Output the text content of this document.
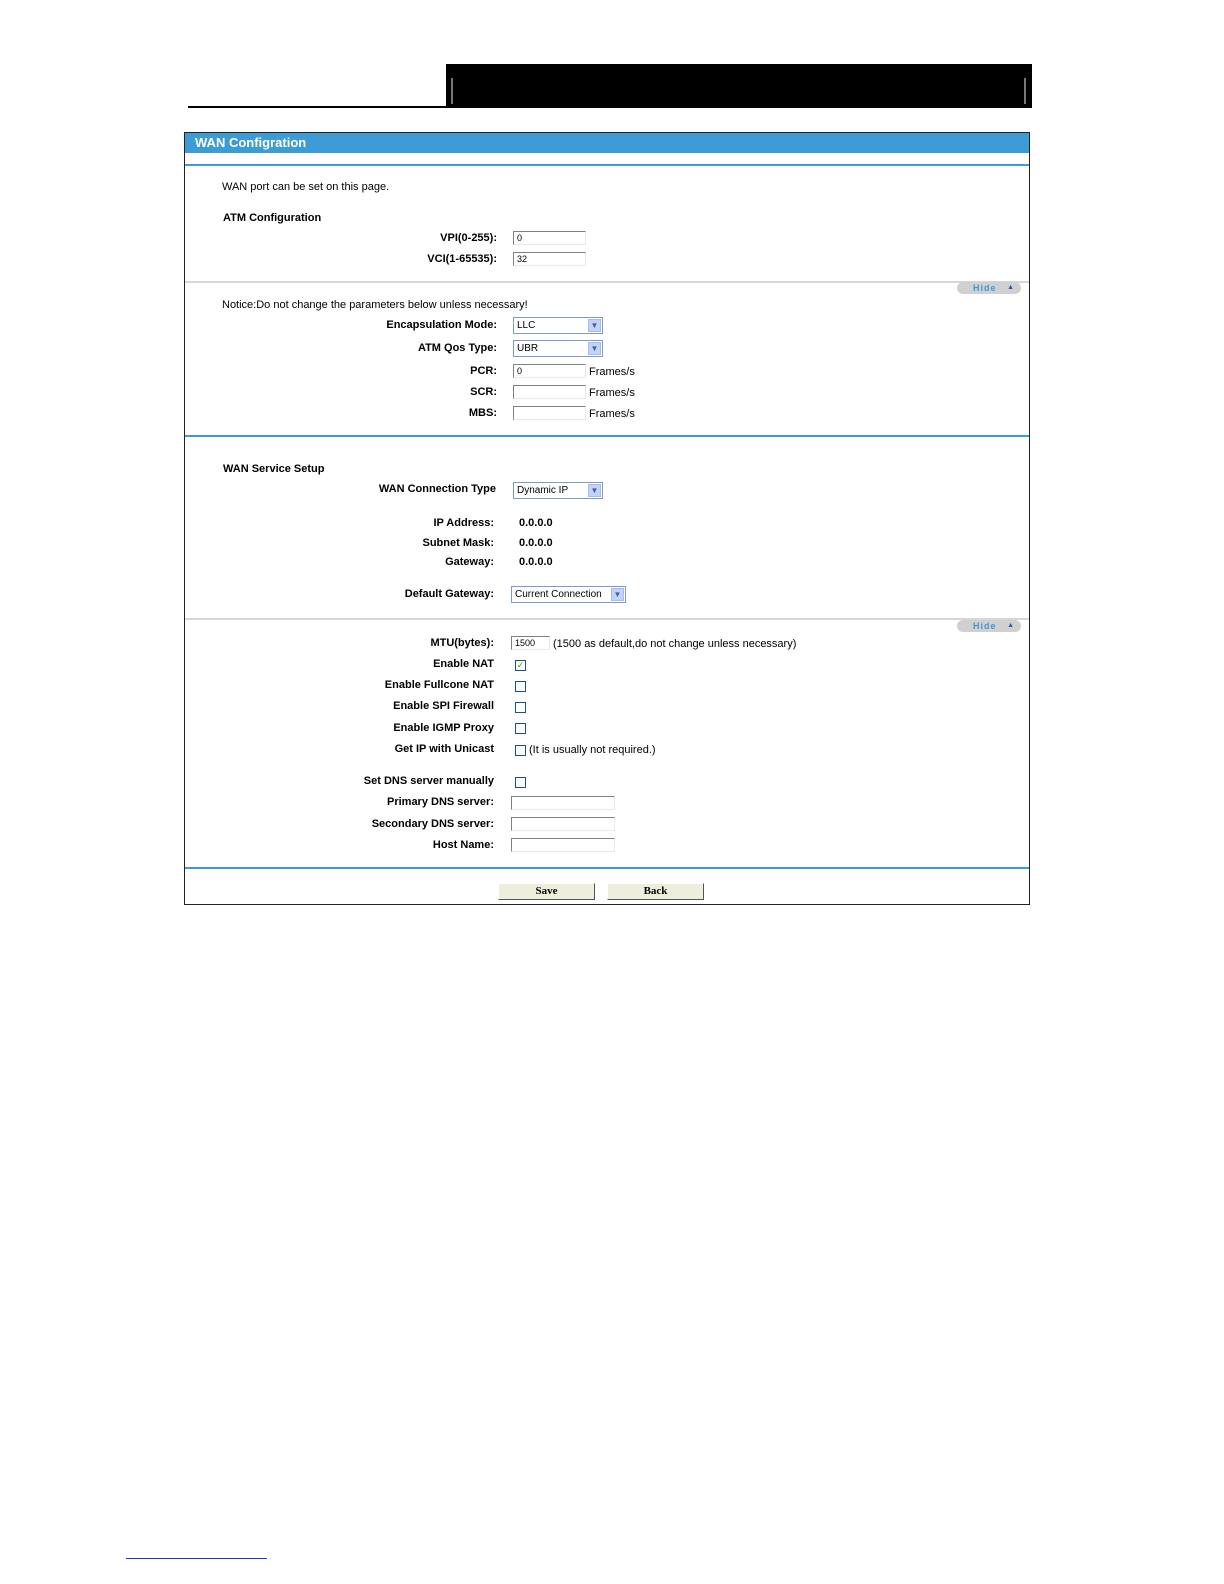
WAN Configration
WAN port can be set on this page.
ATM Configuration
VPI(0-255):	0
VCI(1-65535):	32
Hide ▲
Notice:Do not change the parameters below unless necessary!
Encapsulation Mode:	LLC	▼
ATM Qos Type:	UBR	▼
PCR:	0	Frames/s
SCR:	Frames/s
MBS:	Frames/s
WAN Service Setup
WAN Connection Type	Dynamic IP	▼
IP Address: 0.0.0.0
Subnet Mask: 0.0.0.0
Gateway: 0.0.0.0
Default Gateway:	Current Connection	▼
Hide ▲
MTU(bytes):	1500	(1500 as default,do not change unless necessary)
Enable NAT	✓
Enable Fullcone NAT
Enable SPI Firewall
Enable IGMP Proxy
Get IP with Unicast	(It is usually not required.)
Set DNS server manually
Primary DNS server:
Secondary DNS server:
Host Name:
Save	Back
